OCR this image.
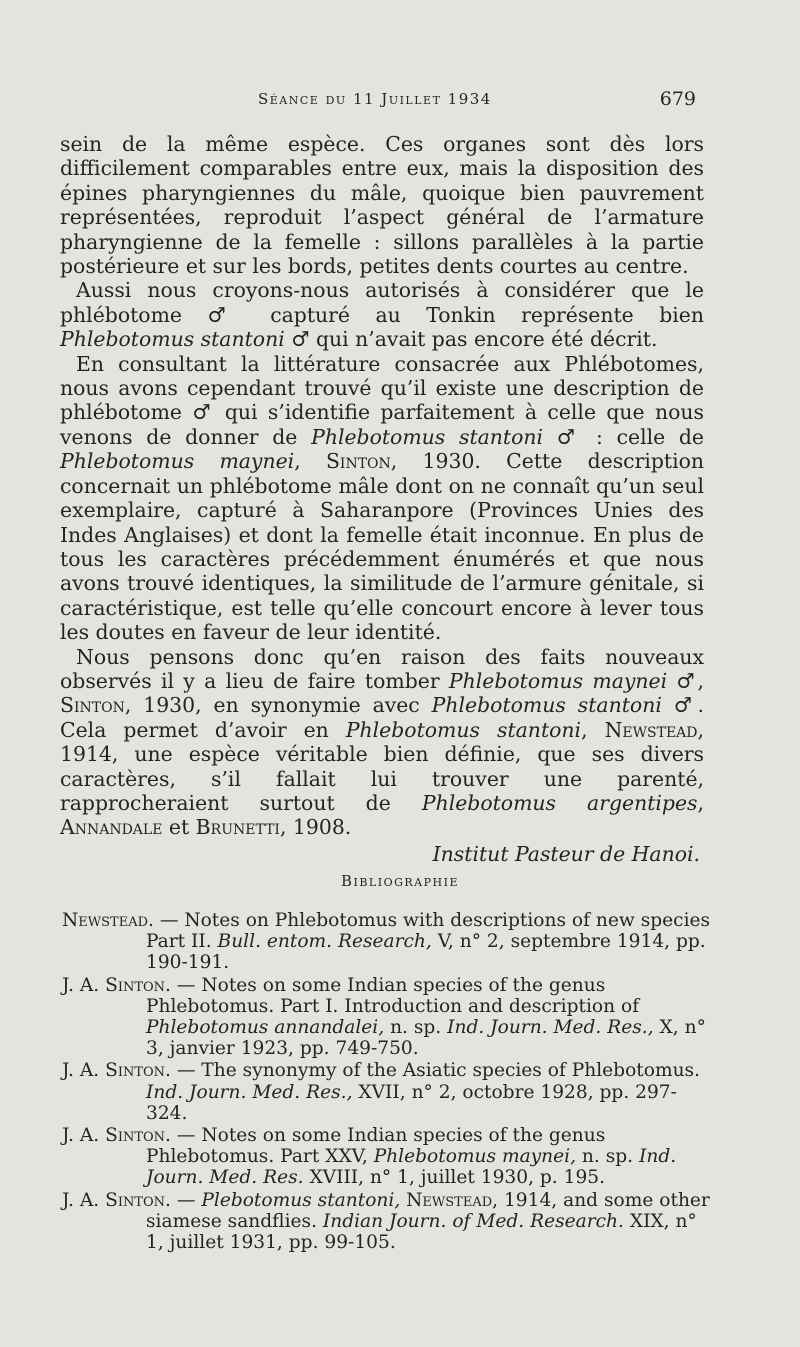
Séance du 11 Juillet 1934	679

sein de la même espèce. Ces organes sont dès lors difficilement comparables entre eux, mais la disposition des épines pharyngiennes du mâle, quoique bien pauvrement représentées, reproduit l’aspect général de l’armature pharyngienne de la femelle : sillons parallèles à la partie postérieure et sur les bords, petites dents courtes au centre.

Aussi nous croyons-nous autorisés à considérer que le phlébotome ♂ capturé au Tonkin représente bien Phlebotomus stantoni ♂ qui n’avait pas encore été décrit.

En consultant la littérature consacrée aux Phlébotomes, nous avons cependant trouvé qu’il existe une description de phlébotome ♂ qui s’identifie parfaitement à celle que nous venons de donner de Phlebotomus stantoni ♂ : celle de Phlebotomus maynei, Sinton, 1930. Cette description concernait un phlébotome mâle dont on ne connaît qu’un seul exemplaire, capturé à Saharanpore (Provinces Unies des Indes Anglaises) et dont la femelle était inconnue. En plus de tous les caractères précédemment énumérés et que nous avons trouvé identiques, la similitude de l’armure génitale, si caractéristique, est telle qu’elle concourt encore à lever tous les doutes en faveur de leur identité.

Nous pensons donc qu’en raison des faits nouveaux observés il y a lieu de faire tomber Phlebotomus maynei ♂, Sinton, 1930, en synonymie avec Phlebotomus stantoni ♂. Cela permet d’avoir en Phlebotomus stantoni, Newstead, 1914, une espèce véritable bien définie, que ses divers caractères, s’il fallait lui trouver une parenté, rapprocheraient surtout de Phlebotomus argentipes, Annandale et Brunetti, 1908.

Institut Pasteur de Hanoi.
Bibliographie
Newstead. — Notes on Phlebotomus with descriptions of new species Part II. Bull. entom. Research, V, n° 2, septembre 1914, pp. 190-191.
J. A. Sinton. — Notes on some Indian species of the genus Phlebotomus. Part I. Introduction and description of Phlebotomus annandalei, n. sp. Ind. Journ. Med. Res., X, n° 3, janvier 1923, pp. 749-750.
J. A. Sinton. — The synonymy of the Asiatic species of Phlebotomus. Ind. Journ. Med. Res., XVII, n° 2, octobre 1928, pp. 297-324.
J. A. Sinton. — Notes on some Indian species of the genus Phlebotomus. Part XXV, Phlebotomus maynei, n. sp. Ind. Journ. Med. Res. XVIII, n° 1, juillet 1930, p. 195.
J. A. Sinton. — Plebotomus stantoni, Newstead, 1914, and some other siamese sandflies. Indian Journ. of Med. Research. XIX, n° 1, juillet 1931, pp. 99-105.
